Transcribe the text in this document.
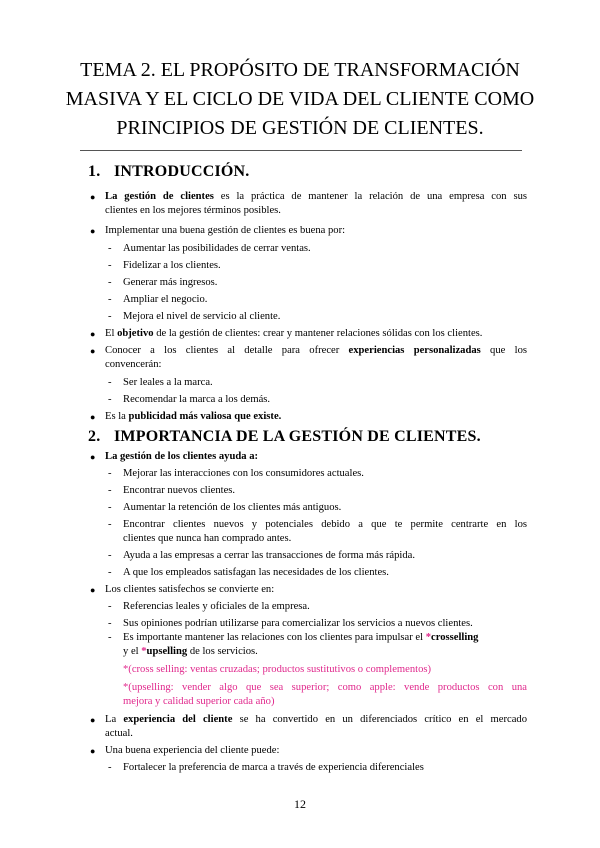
TEMA 2. EL PROPÓSITO DE TRANSFORMACIÓN
MASIVA Y EL CICLO DE VIDA DEL CLIENTE COMO
PRINCIPIOS DE GESTIÓN DE CLIENTES.
1. INTRODUCCIÓN.
● La gestión de clientes es la práctica de mantener la relación de una empresa con sus
clientes en los mejores términos posibles.
● Implementar una buena gestión de clientes es buena por:
- Aumentar las posibilidades de cerrar ventas.
- Fidelizar a los clientes.
- Generar más ingresos.
- Ampliar el negocio.
- Mejora el nivel de servicio al cliente.
● El objetivo de la gestión de clientes: crear y mantener relaciones sólidas con los clientes.
● Conocer a los clientes al detalle para ofrecer experiencias personalizadas que los
convencerán:
- Ser leales a la marca.
- Recomendar la marca a los demás.
● Es la publicidad más valiosa que existe.
2. IMPORTANCIA DE LA GESTIÓN DE CLIENTES.
● La gestión de los clientes ayuda a:
- Mejorar las interacciones con los consumidores actuales.
- Encontrar nuevos clientes.
- Aumentar la retención de los clientes más antiguos.
- Encontrar clientes nuevos y potenciales debido a que te permite centrarte en los
clientes que nunca han comprado antes.
- Ayuda a las empresas a cerrar las transacciones de forma más rápida.
- A que los empleados satisfagan las necesidades de los clientes.
● Los clientes satisfechos se convierte en:
- Referencias leales y oficiales de la empresa.
- Sus opiniones podrían utilizarse para comercializar los servicios a nuevos clientes.
- Es importante mantener las relaciones con los clientes para impulsar el *crosselling
y el *upselling de los servicios.
*(cross selling: ventas cruzadas; productos sustitutivos o complementos)
*(upselling: vender algo que sea superior; como apple: vende productos con una
mejora y calidad superior cada año)
● La experiencia del cliente se ha convertido en un diferenciados crítico en el mercado
actual.
● Una buena experiencia del cliente puede:
- Fortalecer la preferencia de marca a través de experiencia diferenciales
12
